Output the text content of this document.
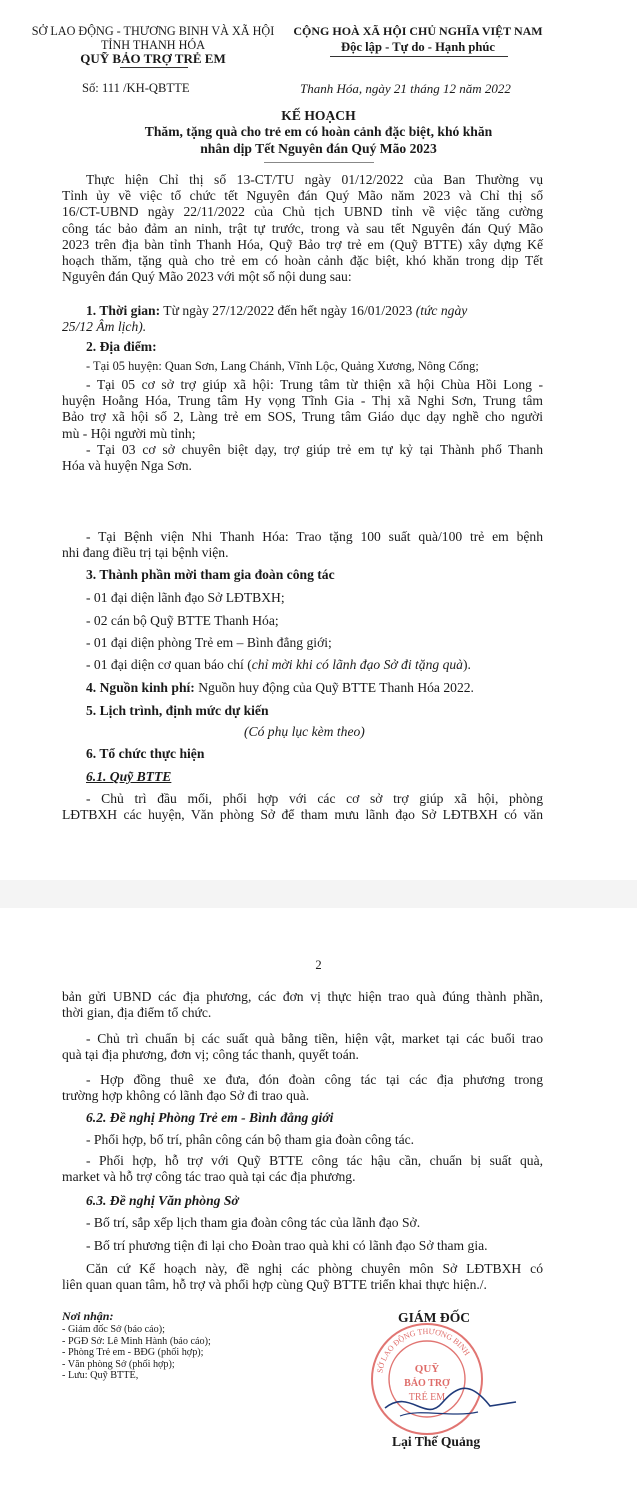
SỞ LAO ĐỘNG - THƯƠNG BINH VÀ XÃ HỘI
TỈNH THANH HÓA
QUỸ BẢO TRỢ TRẺ EM
CỘNG HOÀ XÃ HỘI CHỦ NGHĨA VIỆT NAM
Độc lập - Tự do - Hạnh phúc
Số: 111 /KH-QBTTE	Thanh Hóa, ngày 21 tháng 12 năm 2022
KẾ HOẠCH
Thăm, tặng quà cho trẻ em có hoàn cảnh đặc biệt, khó khăn
nhân dịp Tết Nguyên đán Quý Mão 2023
Thực hiện Chỉ thị số 13-CT/TU ngày 01/12/2022 của Ban Thường vụ
Tỉnh ủy về việc tổ chức tết Nguyên đán Quý Mão năm 2023 và Chỉ thị số
16/CT-UBND ngày 22/11/2022 của Chủ tịch UBND tỉnh về việc tăng cường
công tác bảo đảm an ninh, trật tự trước, trong và sau tết Nguyên đán Quý Mão
2023 trên địa bàn tỉnh Thanh Hóa, Quỹ Bảo trợ trẻ em (Quỹ BTTE) xây dựng Kế
hoạch thăm, tặng quà cho trẻ em có hoàn cảnh đặc biệt, khó khăn trong dịp Tết
Nguyên đán Quý Mão 2023 với một số nội dung sau:
1. Thời gian: Từ ngày 27/12/2022 đến hết ngày 16/01/2023 (tức ngày
25/12 Âm lịch).
2. Địa điểm:
- Tại 05 huyện: Quan Sơn, Lang Chánh, Vĩnh Lộc, Quảng Xương, Nông Cống;
- Tại 05 cơ sở trợ giúp xã hội: Trung tâm từ thiện xã hội Chùa Hồi Long -
huyện Hoằng Hóa, Trung tâm Hy vọng Tĩnh Gia - Thị xã Nghi Sơn, Trung tâm
Bảo trợ xã hội số 2, Làng trẻ em SOS, Trung tâm Giáo dục dạy nghề cho người
mù - Hội người mù tỉnh;
- Tại 03 cơ sở chuyên biệt dạy, trợ giúp trẻ em tự kỷ tại Thành phố Thanh
Hóa và huyện Nga Sơn.
- Tại Bệnh viện Nhi Thanh Hóa: Trao tặng 100 suất quà/100 trẻ em bệnh
nhi đang điều trị tại bệnh viện.
3. Thành phần mời tham gia đoàn công tác
- 01 đại diện lãnh đạo Sở LĐTBXH;
- 02 cán bộ Quỹ BTTE Thanh Hóa;
- 01 đại diện phòng Trẻ em – Bình đẳng giới;
- 01 đại diện cơ quan báo chí (chỉ mời khi có lãnh đạo Sở đi tặng quà).
4. Nguồn kinh phí: Nguồn huy động của Quỹ BTTE Thanh Hóa 2022.
5. Lịch trình, định mức dự kiến
(Có phụ lục kèm theo)
6. Tổ chức thực hiện
6.1. Quỹ BTTE
- Chủ trì đầu mối, phối hợp với các cơ sở trợ giúp xã hội, phòng
LĐTBXH các huyện, Văn phòng Sở để tham mưu lãnh đạo Sở LĐTBXH có văn
2
bản gửi UBND các địa phương, các đơn vị thực hiện trao quà đúng thành phần,
thời gian, địa điểm tổ chức.
- Chủ trì chuẩn bị các suất quà bằng tiền, hiện vật, market tại các buổi trao
quà tại địa phương, đơn vị; công tác thanh, quyết toán.
- Hợp đồng thuê xe đưa, đón đoàn công tác tại các địa phương trong
trường hợp không có lãnh đạo Sở đi trao quà.
6.2. Đề nghị Phòng Trẻ em - Bình đẳng giới
- Phối hợp, bố trí, phân công cán bộ tham gia đoàn công tác.
- Phối hợp, hỗ trợ với Quỹ BTTE công tác hậu cần, chuẩn bị suất quà,
market và hỗ trợ công tác trao quà tại các địa phương.
6.3. Đề nghị Văn phòng Sở
- Bố trí, sắp xếp lịch tham gia đoàn công tác của lãnh đạo Sở.
- Bố trí phương tiện đi lại cho Đoàn trao quà khi có lãnh đạo Sở tham gia.
Căn cứ Kế hoạch này, đề nghị các phòng chuyên môn Sở LĐTBXH có
liên quan quan tâm, hỗ trợ và phối hợp cùng Quỹ BTTE triển khai thực hiện./.
Nơi nhận:
- Giám đốc Sở (báo cáo);
- PGĐ Sở: Lê Minh Hành (báo cáo);
- Phòng Trẻ em - BĐG (phối hợp);
- Văn phòng Sở (phối hợp);
- Lưu: Quỹ BTTE,
GIÁM ĐỐC
SỞ LAO ĐỘNG THƯƠNG BINH
QUỸ
BẢO TRỢ
TRẺ EM
Lại Thế Quảng
